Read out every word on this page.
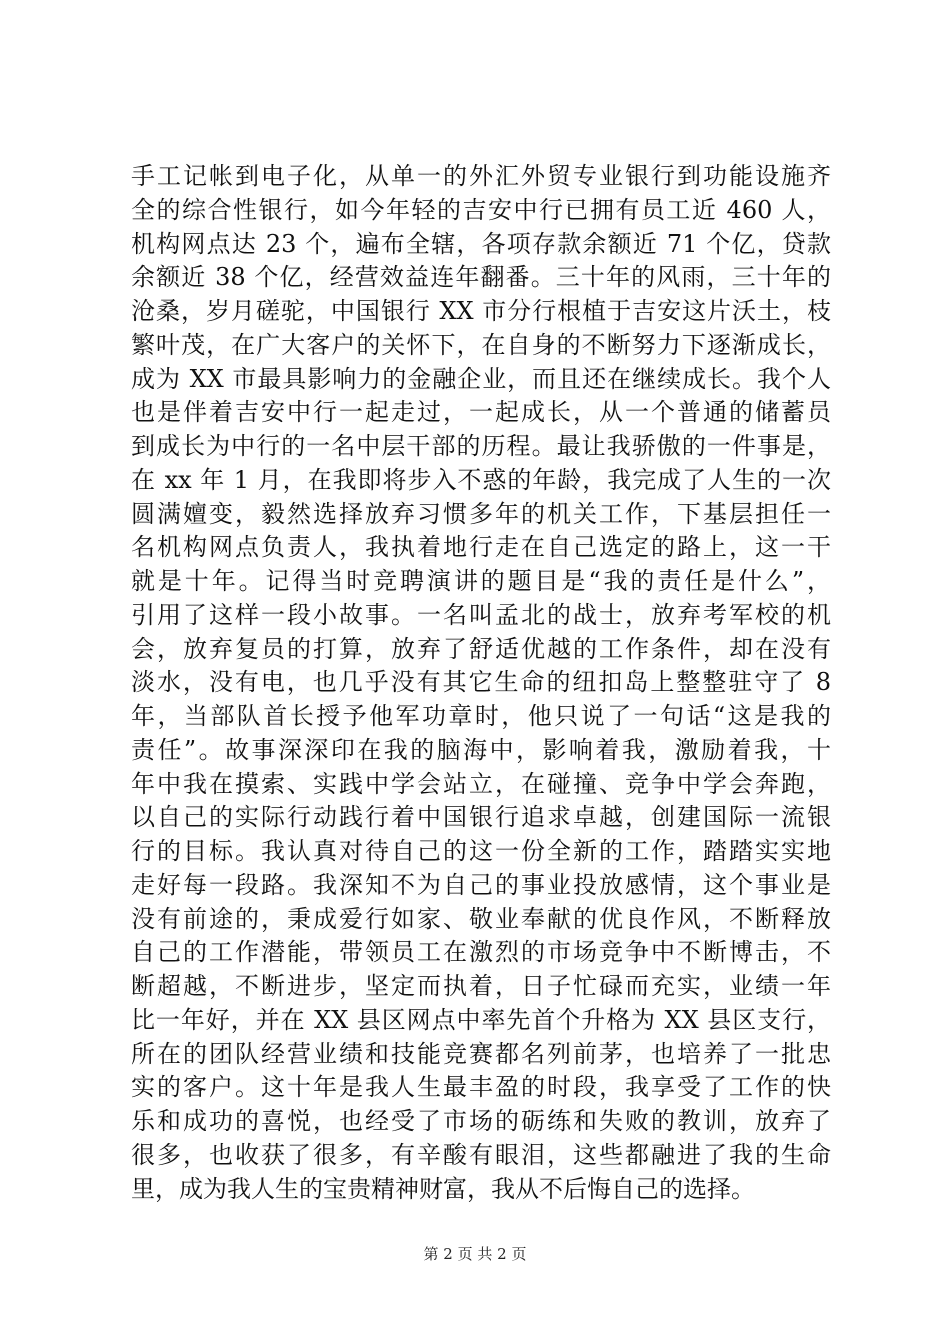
手工记帐到电子化，从单一的外汇外贸专业银行到功能设施齐
全的综合性银行，如今年轻的吉安中行已拥有员工近 460 人，
机构网点达 23 个，遍布全辖，各项存款余额近 71 个亿，贷款
余额近 38 个亿，经营效益连年翻番。三十年的风雨，三十年的
沧桑，岁月磋驼，中国银行 XX 市分行根植于吉安这片沃土，枝
繁叶茂，在广大客户的关怀下，在自身的不断努力下逐渐成长，
成为 XX 市最具影响力的金融企业，而且还在继续成长。我个人
也是伴着吉安中行一起走过，一起成长，从一个普通的储蓄员
到成长为中行的一名中层干部的历程。最让我骄傲的一件事是，
在 xx 年 1 月，在我即将步入不惑的年龄，我完成了人生的一次
圆满嬗变，毅然选择放弃习惯多年的机关工作，下基层担任一
名机构网点负责人，我执着地行走在自己选定的路上，这一干
就是十年。记得当时竞聘演讲的题目是“我的责任是什么”，
引用了这样一段小故事。一名叫孟北的战士，放弃考军校的机
会，放弃复员的打算，放弃了舒适优越的工作条件，却在没有
淡水，没有电，也几乎没有其它生命的纽扣岛上整整驻守了 8
年，当部队首长授予他军功章时，他只说了一句话“这是我的
责任”。故事深深印在我的脑海中，影响着我，激励着我，十
年中我在摸索、实践中学会站立，在碰撞、竞争中学会奔跑，
以自己的实际行动践行着中国银行追求卓越，创建国际一流银
行的目标。我认真对待自己的这一份全新的工作，踏踏实实地
走好每一段路。我深知不为自己的事业投放感情，这个事业是
没有前途的，秉成爱行如家、敬业奉献的优良作风，不断释放
自己的工作潜能，带领员工在激烈的市场竞争中不断博击，不
断超越，不断进步，坚定而执着，日子忙碌而充实，业绩一年
比一年好，并在 XX 县区网点中率先首个升格为 XX 县区支行，
所在的团队经营业绩和技能竞赛都名列前茅，也培养了一批忠
实的客户。这十年是我人生最丰盈的时段，我享受了工作的快
乐和成功的喜悦，也经受了市场的砺练和失败的教训，放弃了
很多，也收获了很多，有辛酸有眼泪，这些都融进了我的生命
里，成为我人生的宝贵精神财富，我从不后悔自己的选择。
第 2 页 共 2 页
